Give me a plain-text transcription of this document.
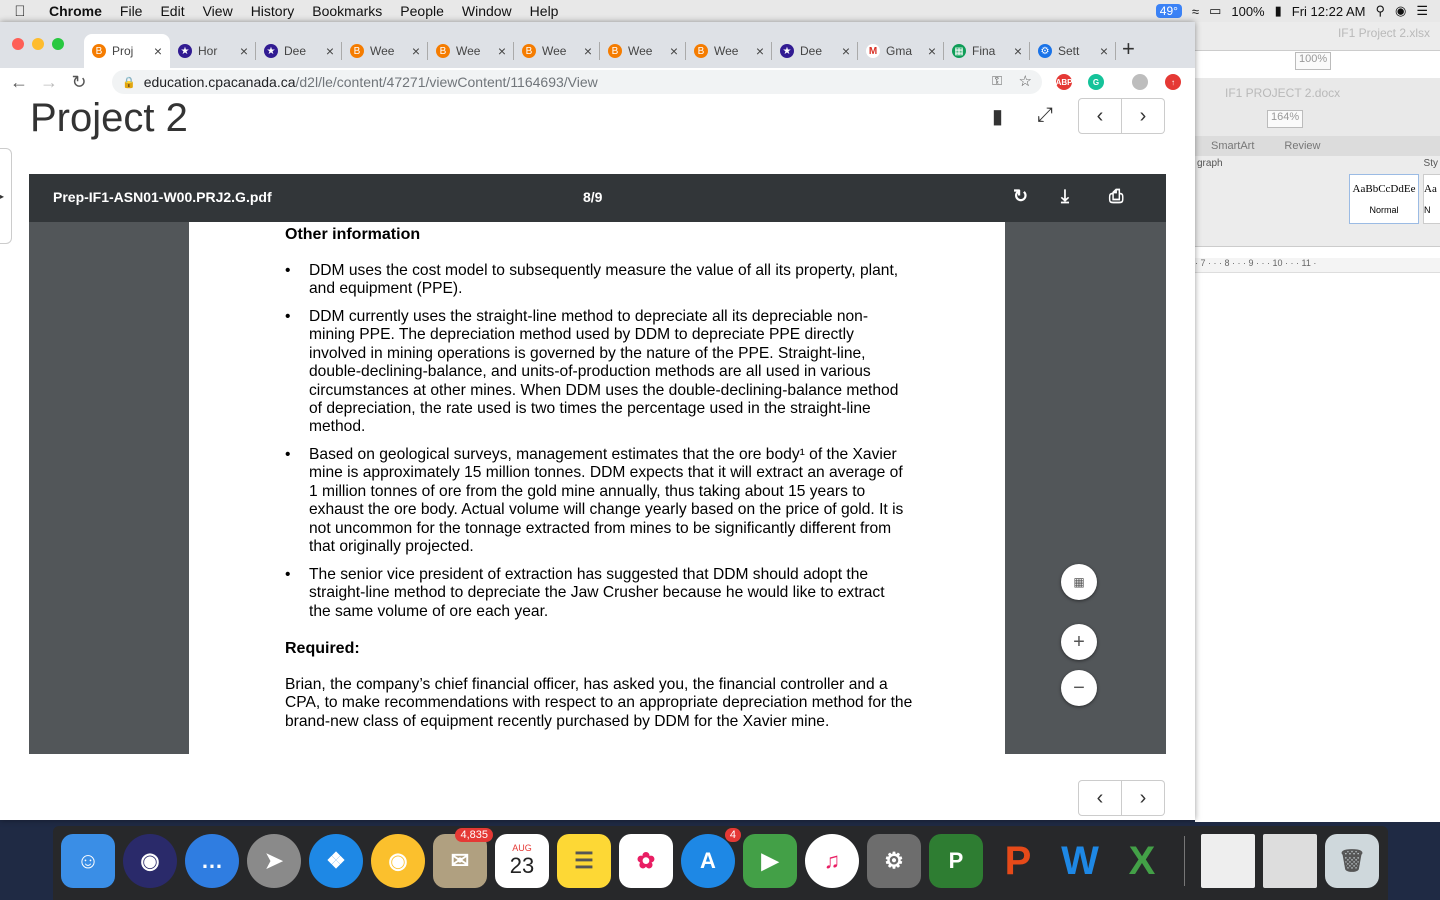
Chrome	File	Edit	View	History	Bookmarks	People	Window	Help	49°	≈ ▭ 100% ▮ Fri 12:22 AM ⚲ ◉ ☰
IF1 Project 2.xlsx
100%
IF1 PROJECT 2.docx
164%
SmartArt	Review
graph	Sty
AaBbCcDdEe
Normal
Aa
N
· 7 · · · 8 · · · 9 · · · 10 · · · 11 ·
B Proj × ★ Hor × ★ Dee ×	B Wee ×	B Wee ×	B Wee ×	B Wee ×	B Wee × ★ Dee × M Gma × ▦ Fina × ⚙ Sett × +
← → ↻	🔒 education.cpacanada.ca /d2l/le/content/47271/viewContent/1164693/View	⚿ ☆	ABP	G	↑
Project 2	▮ ⤢	‹	›
▸	Prep-IF1-ASN01-W00.PRJ2.G.pdf	8/9	↻ ⤓ ⎙
Other information
•	DDM uses the cost model to subsequently measure the value of all its property, plant, and equipment (PPE).
•	DDM currently uses the straight-line method to depreciate all its depreciable non-mining PPE. The depreciation method used by DDM to depreciate PPE directly involved in mining operations is governed by the nature of the PPE. Straight-line, double-declining-balance, and units-of-production methods are all used in various circumstances at other mines. When DDM uses the double-declining-balance method of depreciation, the rate used is two times the percentage used in the straight-line method.
•	Based on geological surveys, management estimates that the ore body¹ of the Xavier mine is approximately 15 million tonnes. DDM expects that it will extract an average of 1 million tonnes of ore from the gold mine annually, thus taking about 15 years to exhaust the ore body. Actual volume will change yearly based on the price of gold. It is not uncommon for the tonnage extracted from mines to be significantly different from that originally projected.
•	The senior vice president of extraction has suggested that DDM should adopt the straight-line method to depreciate the Jaw Crusher because he would like to extract the same volume of ore each year.
Required:
Brian, the company’s chief financial officer, has asked you, the financial controller and a CPA, to make recommendations with respect to an appropriate depreciation method for the brand-new class of equipment recently purchased by DDM for the Xavier mine.
▦
+
−
‹	›
☺	◉	…	➤	❖	◉	✉
4,835
AUG
23	☰	✿	A
4
▶	♫	⚙	P	P W X	🗑
